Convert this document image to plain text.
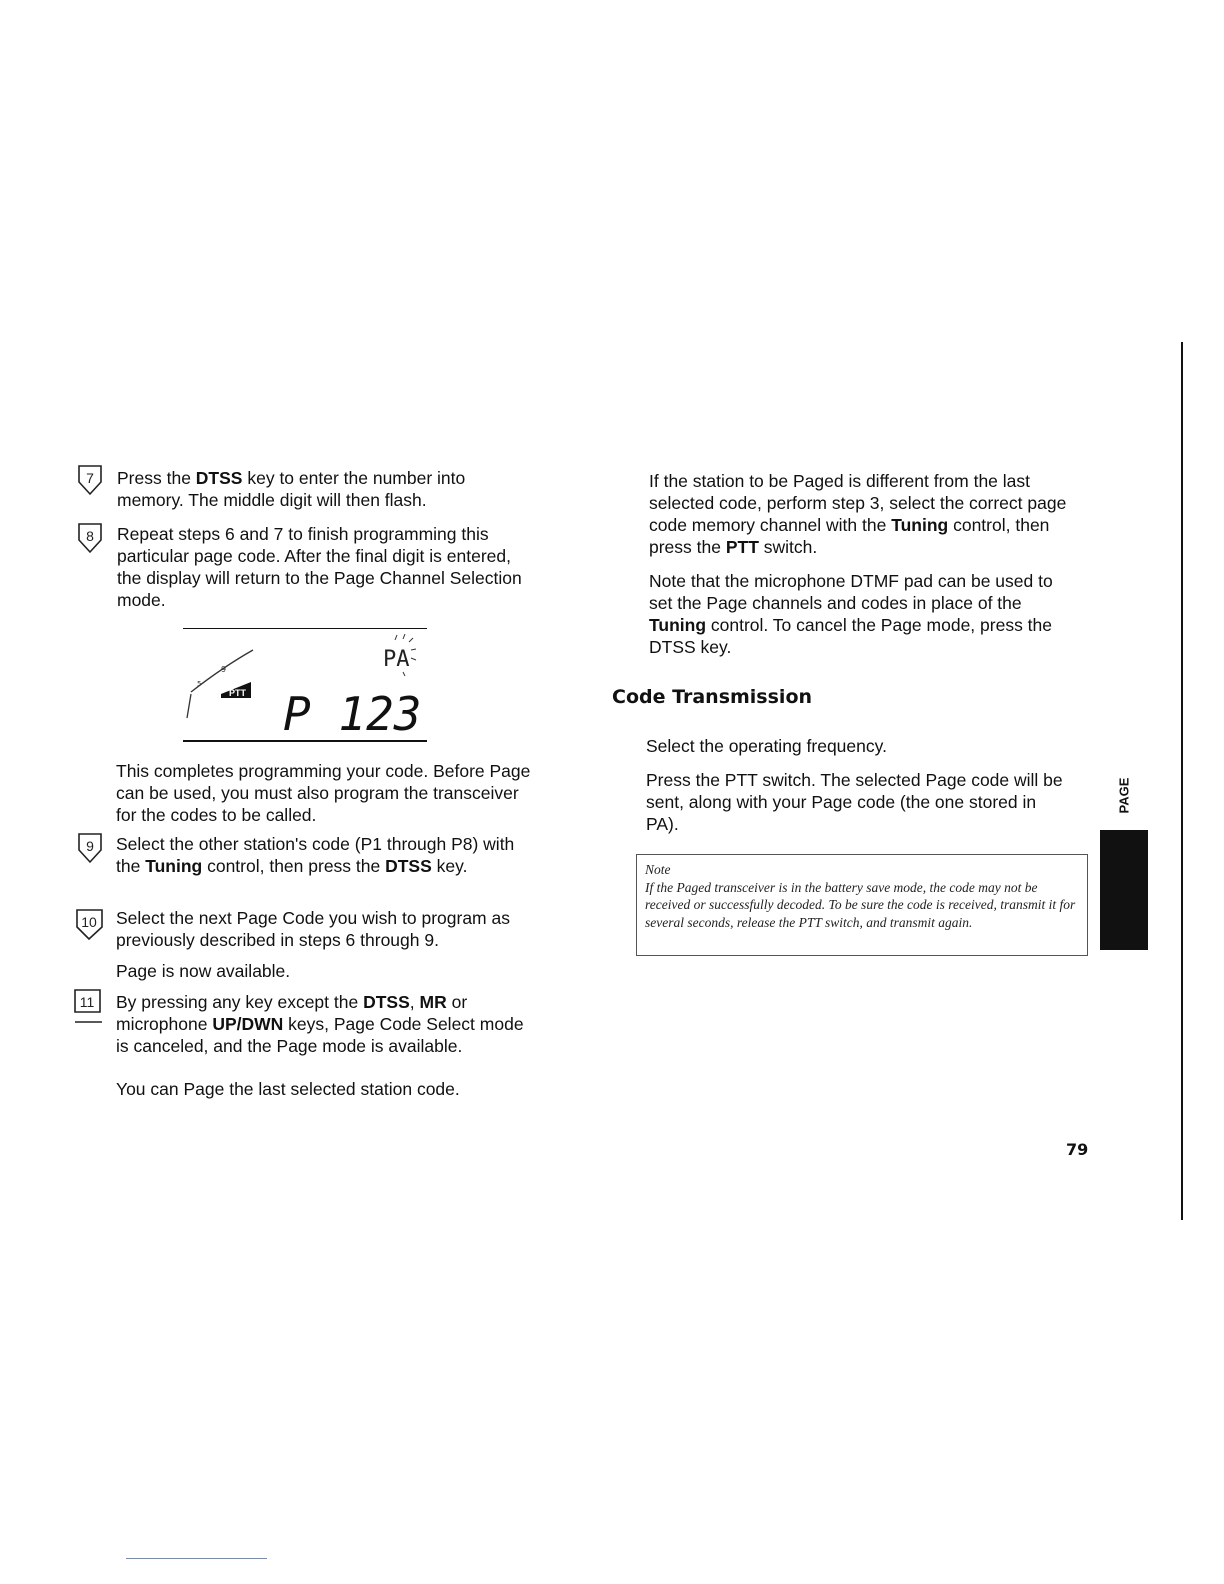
7 Press the DTSS key to enter the number into memory. The middle digit will then flash.

8 Repeat steps 6 and 7 to finish programming this particular page code. After the final digit is entered, the display will return to the Page Channel Selection mode.

9
5
PTT
PA
P 123

This completes programming your code. Before Page can be used, you must also program the transceiver for the codes to be called.

9 Select the other station's code (P1 through P8) with the Tuning control, then press the DTSS key.

10 Select the next Page Code you wish to program as previously described in steps 6 through 9.

Page is now available.

11 By pressing any key except the DTSS, MR or microphone UP/DWN keys, Page Code Select mode is canceled, and the Page mode is available.

You can Page the last selected station code.

If the station to be Paged is different from the last selected code, perform step 3, select the correct page code memory channel with the Tuning control, then press the PTT switch.

Note that the microphone DTMF pad can be used to set the Page channels and codes in place of the Tuning control. To cancel the Page mode, press the DTSS key.

Code Transmission

Select the operating frequency.

Press the PTT switch. The selected Page code will be sent, along with your Page code (the one stored in PA).

Note
If the Paged transceiver is in the battery save mode, the code may not be received or successfully decoded. To be sure the code is received, transmit it for several seconds, release the PTT switch, and transmit again.
PAGE
79
